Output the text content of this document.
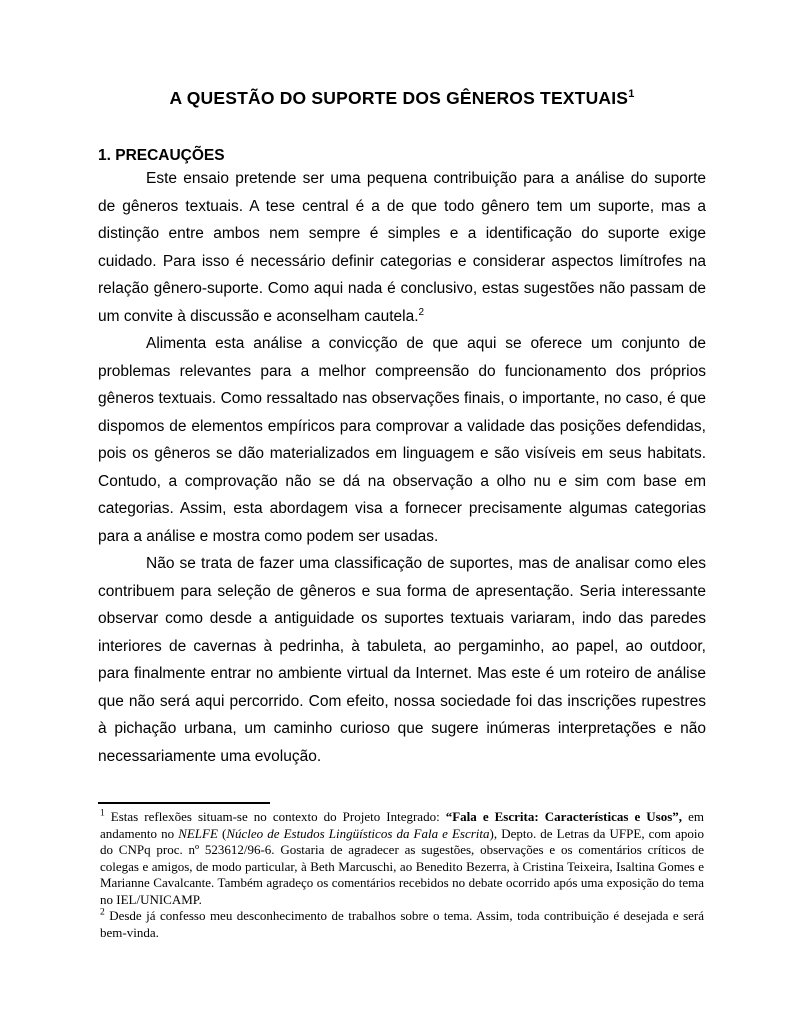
A QUESTÃO DO SUPORTE DOS GÊNEROS TEXTUAIS$^1$
1. PRECAUÇÕES

Este ensaio pretende ser uma pequena contribuição para a análise do suporte de gêneros textuais. A tese central é a de que todo gênero tem um suporte, mas a distinção entre ambos nem sempre é simples e a identificação do suporte exige cuidado. Para isso é necessário definir categorias e considerar aspectos limítrofes na relação gênero-suporte. Como aqui nada é conclusivo, estas sugestões não passam de um convite à discussão e aconselham cautela.$^2$

Alimenta esta análise a convicção de que aqui se oferece um conjunto de problemas relevantes para a melhor compreensão do funcionamento dos próprios gêneros textuais. Como ressaltado nas observações finais, o importante, no caso, é que dispomos de elementos empíricos para comprovar a validade das posições defendidas, pois os gêneros se dão materializados em linguagem e são visíveis em seus habitats. Contudo, a comprovação não se dá na observação a olho nu e sim com base em categorias. Assim, esta abordagem visa a fornecer precisamente algumas categorias para a análise e mostra como podem ser usadas.

Não se trata de fazer uma classificação de suportes, mas de analisar como eles contribuem para seleção de gêneros e sua forma de apresentação. Seria interessante observar como desde a antiguidade os suportes textuais variaram, indo das paredes interiores de cavernas à pedrinha, à tabuleta, ao pergaminho, ao papel, ao outdoor, para finalmente entrar no ambiente virtual da Internet. Mas este é um roteiro de análise que não será aqui percorrido. Com efeito, nossa sociedade foi das inscrições rupestres à pichação urbana, um caminho curioso que sugere inúmeras interpretações e não necessariamente uma evolução.

$^1$ Estas reflexões situam-se no contexto do Projeto Integrado: “Fala e Escrita: Características e Usos”, em andamento no NELFE (Núcleo de Estudos Lingüísticos da Fala e Escrita), Depto. de Letras da UFPE, com apoio do CNPq proc. nº 523612/96-6. Gostaria de agradecer as sugestões, observações e os comentários críticos de colegas e amigos, de modo particular, à Beth Marcuschi, ao Benedito Bezerra, à Cristina Teixeira, Isaltina Gomes e Marianne Cavalcante. Também agradeço os comentários recebidos no debate ocorrido após uma exposição do tema no IEL/UNICAMP.

$^2$ Desde já confesso meu desconhecimento de trabalhos sobre o tema. Assim, toda contribuição é desejada e será bem-vinda.
